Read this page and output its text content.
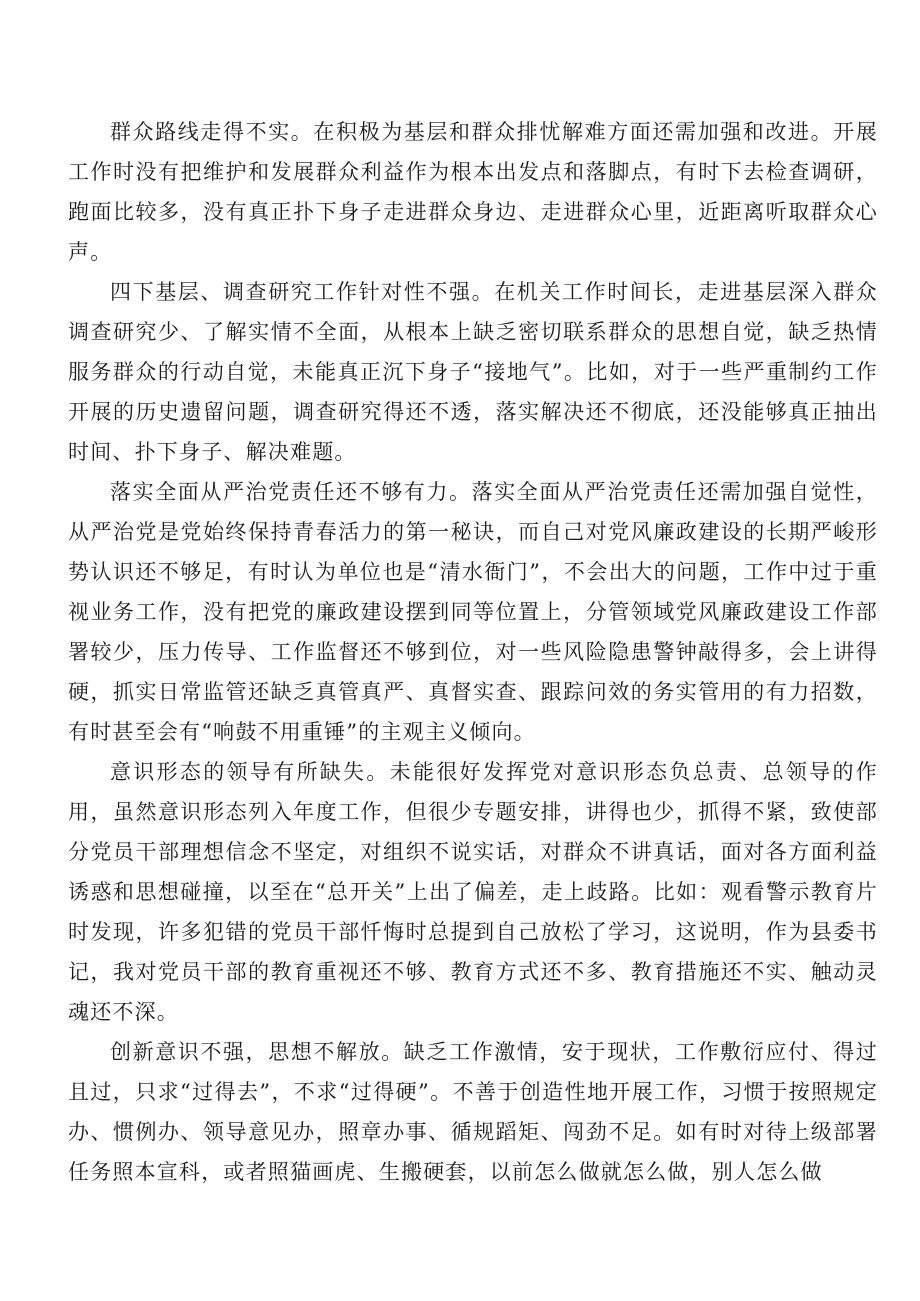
群众路线走得不实。在积极为基层和群众排忧解难方面还需加强和改进。开展工作时没有把维护和发展群众利益作为根本出发点和落脚点，有时下去检查调研，跑面比较多，没有真正扑下身子走进群众身边、走进群众心里，近距离听取群众心声。

四下基层、调查研究工作针对性不强。在机关工作时间长，走进基层深入群众调查研究少、了解实情不全面，从根本上缺乏密切联系群众的思想自觉，缺乏热情服务群众的行动自觉，未能真正沉下身子“接地气”。比如，对于一些严重制约工作开展的历史遗留问题，调查研究得还不透，落实解决还不彻底，还没能够真正抽出时间、扑下身子、解决难题。

落实全面从严治党责任还不够有力。落实全面从严治党责任还需加强自觉性，从严治党是党始终保持青春活力的第一秘诀，而自己对党风廉政建设的长期严峻形势认识还不够足，有时认为单位也是“清水衙门”，不会出大的问题，工作中过于重视业务工作，没有把党的廉政建设摆到同等位置上，分管领域党风廉政建设工作部署较少，压力传导、工作监督还不够到位，对一些风险隐患警钟敲得多，会上讲得硬，抓实日常监管还缺乏真管真严、真督实查、跟踪问效的务实管用的有力招数，有时甚至会有“响鼓不用重锤”的主观主义倾向。

意识形态的领导有所缺失。未能很好发挥党对意识形态负总责、总领导的作用，虽然意识形态列入年度工作，但很少专题安排，讲得也少，抓得不紧，致使部分党员干部理想信念不坚定，对组织不说实话，对群众不讲真话，面对各方面利益诱惑和思想碰撞，以至在“总开关”上出了偏差，走上歧路。比如：观看警示教育片时发现，许多犯错的党员干部忏悔时总提到自己放松了学习，这说明，作为县委书记，我对党员干部的教育重视还不够、教育方式还不多、教育措施还不实、触动灵魂还不深。

创新意识不强，思想不解放。缺乏工作激情，安于现状，工作敷衍应付、得过且过，只求“过得去”，不求“过得硬”。不善于创造性地开展工作，习惯于按照规定办、惯例办、领导意见办，照章办事、循规蹈矩、闯劲不足。如有时对待上级部署任务照本宣科，或者照猫画虎、生搬硬套，以前怎么做就怎么做，别人怎么做
